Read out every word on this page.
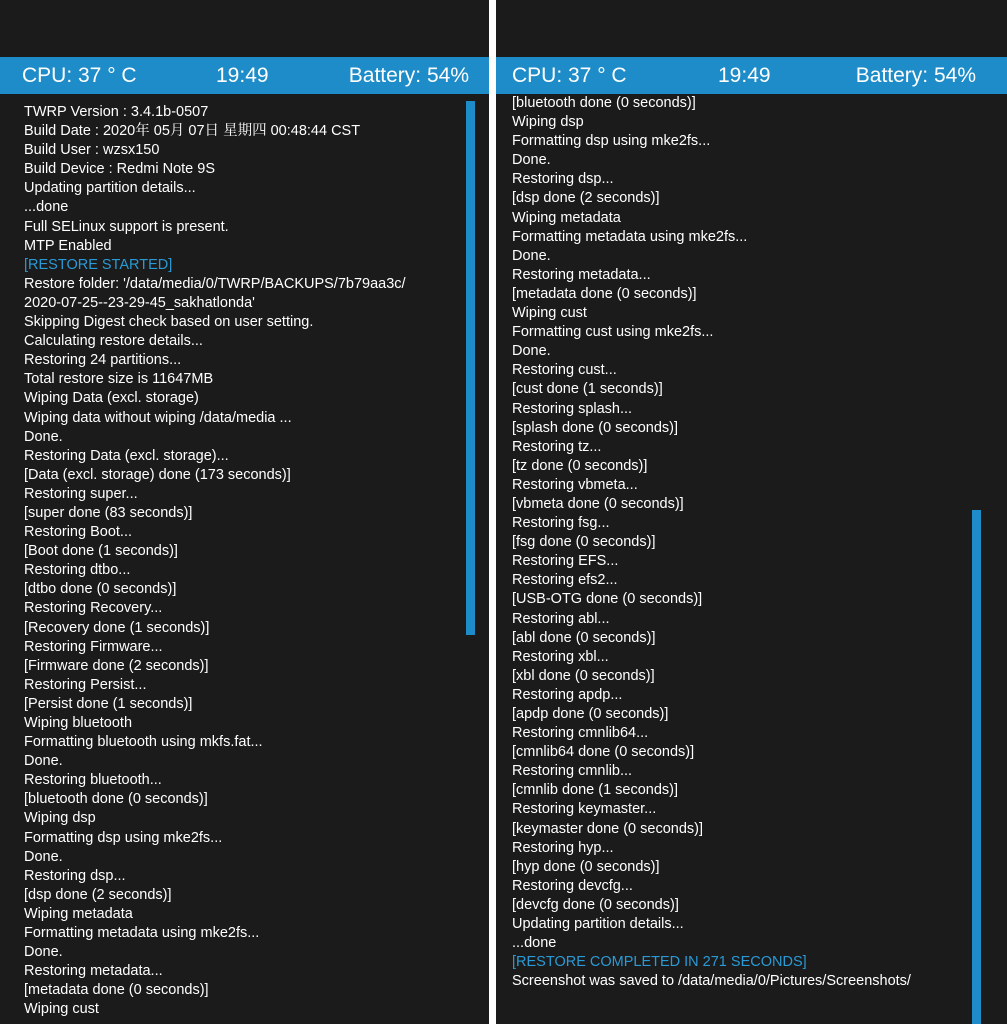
CPU: 37 ° C	19:49	Battery: 54%
TWRP Version : 3.4.1b-0507
Build Date : 2020年 05月 07日 星期四 00:48:44 CST
Build User : wzsx150
Build Device : Redmi Note 9S
Updating partition details...
...done
Full SELinux support is present.
MTP Enabled
[RESTORE STARTED]
Restore folder: '/data/media/0/TWRP/BACKUPS/7b79aa3c/
2020-07-25--23-29-45_sakhatlonda'
Skipping Digest check based on user setting.
Calculating restore details...
Restoring 24 partitions...
Total restore size is 11647MB
Wiping Data (excl. storage)
Wiping data without wiping /data/media ...
Done.
Restoring Data (excl. storage)...
[Data (excl. storage) done (173 seconds)]
Restoring super...
[super done (83 seconds)]
Restoring Boot...
[Boot done (1 seconds)]
Restoring dtbo...
[dtbo done (0 seconds)]
Restoring Recovery...
[Recovery done (1 seconds)]
Restoring Firmware...
[Firmware done (2 seconds)]
Restoring Persist...
[Persist done (1 seconds)]
Wiping bluetooth
Formatting bluetooth using mkfs.fat...
Done.
Restoring bluetooth...
[bluetooth done (0 seconds)]
Wiping dsp
Formatting dsp using mke2fs...
Done.
Restoring dsp...
[dsp done (2 seconds)]
Wiping metadata
Formatting metadata using mke2fs...
Done.
Restoring metadata...
[metadata done (0 seconds)]
Wiping cust
CPU: 37 ° C	19:49	Battery: 54%
[bluetooth done (0 seconds)]
Wiping dsp
Formatting dsp using mke2fs...
Done.
Restoring dsp...
[dsp done (2 seconds)]
Wiping metadata
Formatting metadata using mke2fs...
Done.
Restoring metadata...
[metadata done (0 seconds)]
Wiping cust
Formatting cust using mke2fs...
Done.
Restoring cust...
[cust done (1 seconds)]
Restoring splash...
[splash done (0 seconds)]
Restoring tz...
[tz done (0 seconds)]
Restoring vbmeta...
[vbmeta done (0 seconds)]
Restoring fsg...
[fsg done (0 seconds)]
Restoring EFS...
Restoring efs2...
[USB-OTG done (0 seconds)]
Restoring abl...
[abl done (0 seconds)]
Restoring xbl...
[xbl done (0 seconds)]
Restoring apdp...
[apdp done (0 seconds)]
Restoring cmnlib64...
[cmnlib64 done (0 seconds)]
Restoring cmnlib...
[cmnlib done (1 seconds)]
Restoring keymaster...
[keymaster done (0 seconds)]
Restoring hyp...
[hyp done (0 seconds)]
Restoring devcfg...
[devcfg done (0 seconds)]
Updating partition details...
...done
[RESTORE COMPLETED IN 271 SECONDS]
Screenshot was saved to /data/media/0/Pictures/Screenshots/
